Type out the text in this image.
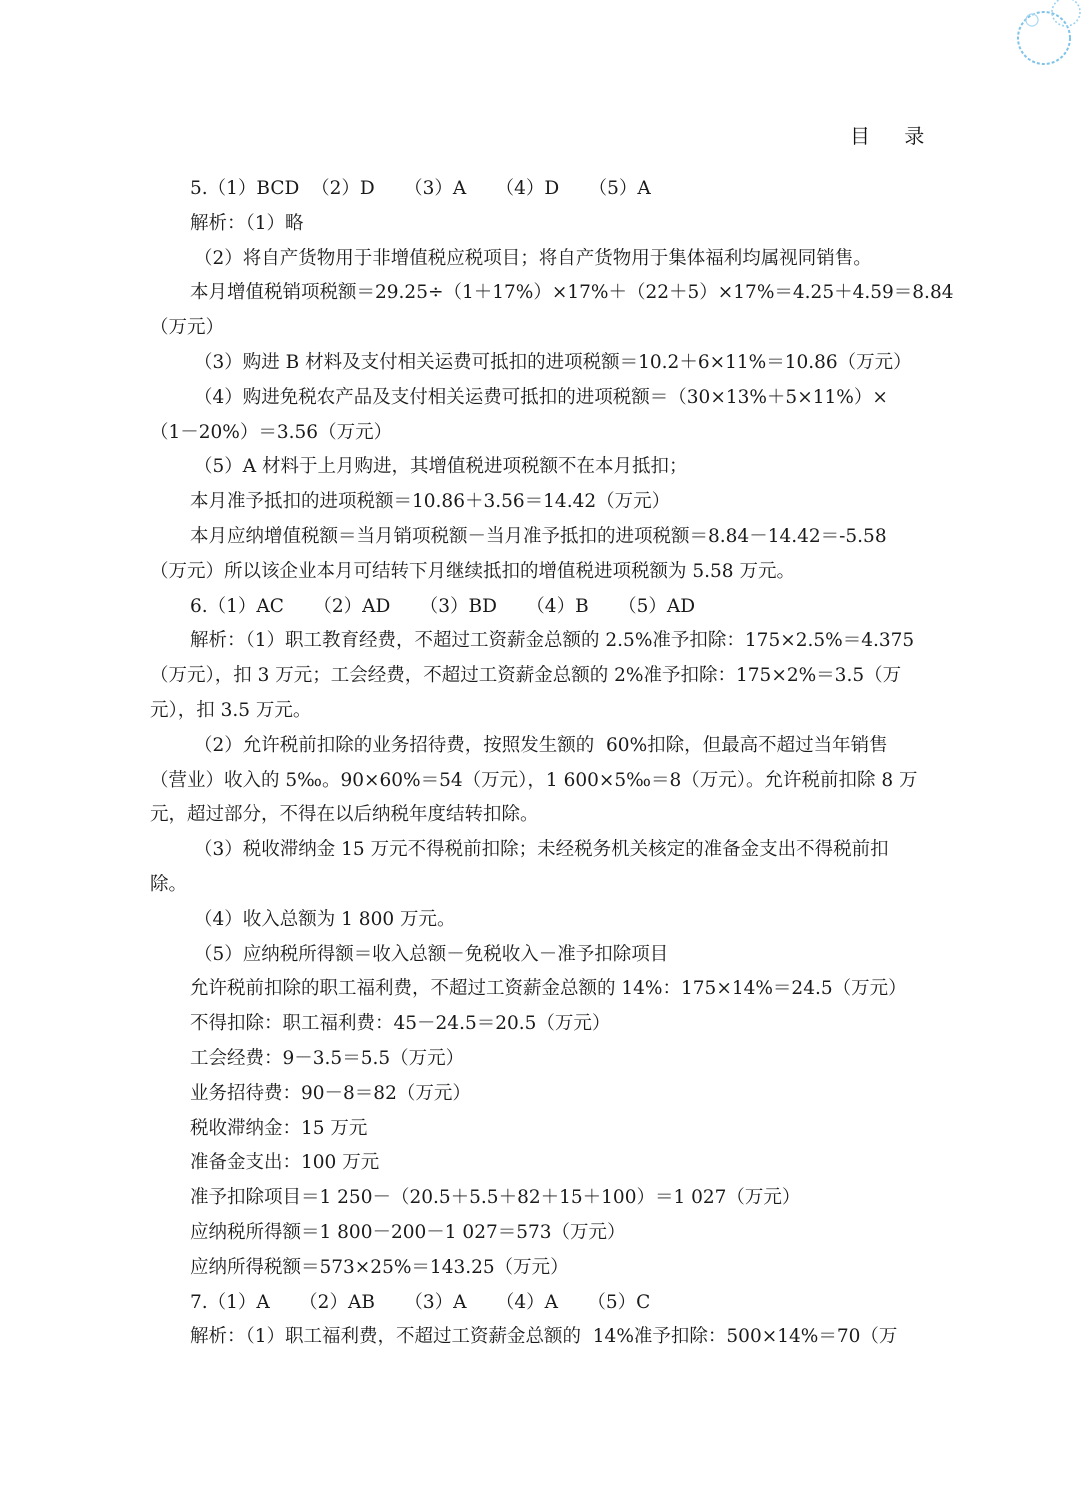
目 录

5.（1）BCD  （2）D     （3）A     （4）D     （5）A

解析：（1）略

（2）将自产货物用于非增值税应税项目；将自产货物用于集体福利均属视同销售。

本月增值税销项税额＝29.25÷（1＋17%）×17%＋（22＋5）×17%＝4.25＋4.59＝8.84

（万元）

（3）购进 B 材料及支付相关运费可抵扣的进项税额＝10.2＋6×11%＝10.86（万元）

（4）购进免税农产品及支付相关运费可抵扣的进项税额＝（30×13%＋5×11%）×

（1－20%）＝3.56（万元）

（5）A 材料于上月购进，其增值税进项税额不在本月抵扣；

本月准予抵扣的进项税额＝10.86＋3.56＝14.42（万元）

本月应纳增值税额＝当月销项税额－当月准予抵扣的进项税额＝8.84－14.42＝-5.58

（万元）所以该企业本月可结转下月继续抵扣的增值税进项税额为 5.58 万元。

6.（1）AC     （2）AD     （3）BD     （4）B     （5）AD

解析：（1）职工教育经费，不超过工资薪金总额的 2.5%准予扣除：175×2.5%＝4.375

（万元），扣 3 万元；工会经费，不超过工资薪金总额的 2%准予扣除：175×2%＝3.5（万

元），扣 3.5 万元。

（2）允许税前扣除的业务招待费，按照发生额的  60%扣除，但最高不超过当年销售

（营业）收入的 5‰。90×60%＝54（万元），1 600×5‰＝8（万元）。允许税前扣除 8 万

元，超过部分，不得在以后纳税年度结转扣除。

（3）税收滞纳金 15 万元不得税前扣除；未经税务机关核定的准备金支出不得税前扣

除。

（4）收入总额为 1 800 万元。

（5）应纳税所得额＝收入总额－免税收入－准予扣除项目

允许税前扣除的职工福利费，不超过工资薪金总额的 14%：175×14%＝24.5（万元）

不得扣除：职工福利费：45－24.5＝20.5（万元）

工会经费：9－3.5＝5.5（万元）

业务招待费：90－8＝82（万元）

税收滞纳金：15 万元

准备金支出：100 万元

准予扣除项目＝1 250－（20.5＋5.5＋82＋15＋100）＝1 027（万元）

应纳税所得额＝1 800－200－1 027＝573（万元）

应纳所得税额＝573×25%＝143.25（万元）

7.（1）A     （2）AB     （3）A     （4）A     （5）C

解析：（1）职工福利费，不超过工资薪金总额的  14%准予扣除：500×14%＝70（万
